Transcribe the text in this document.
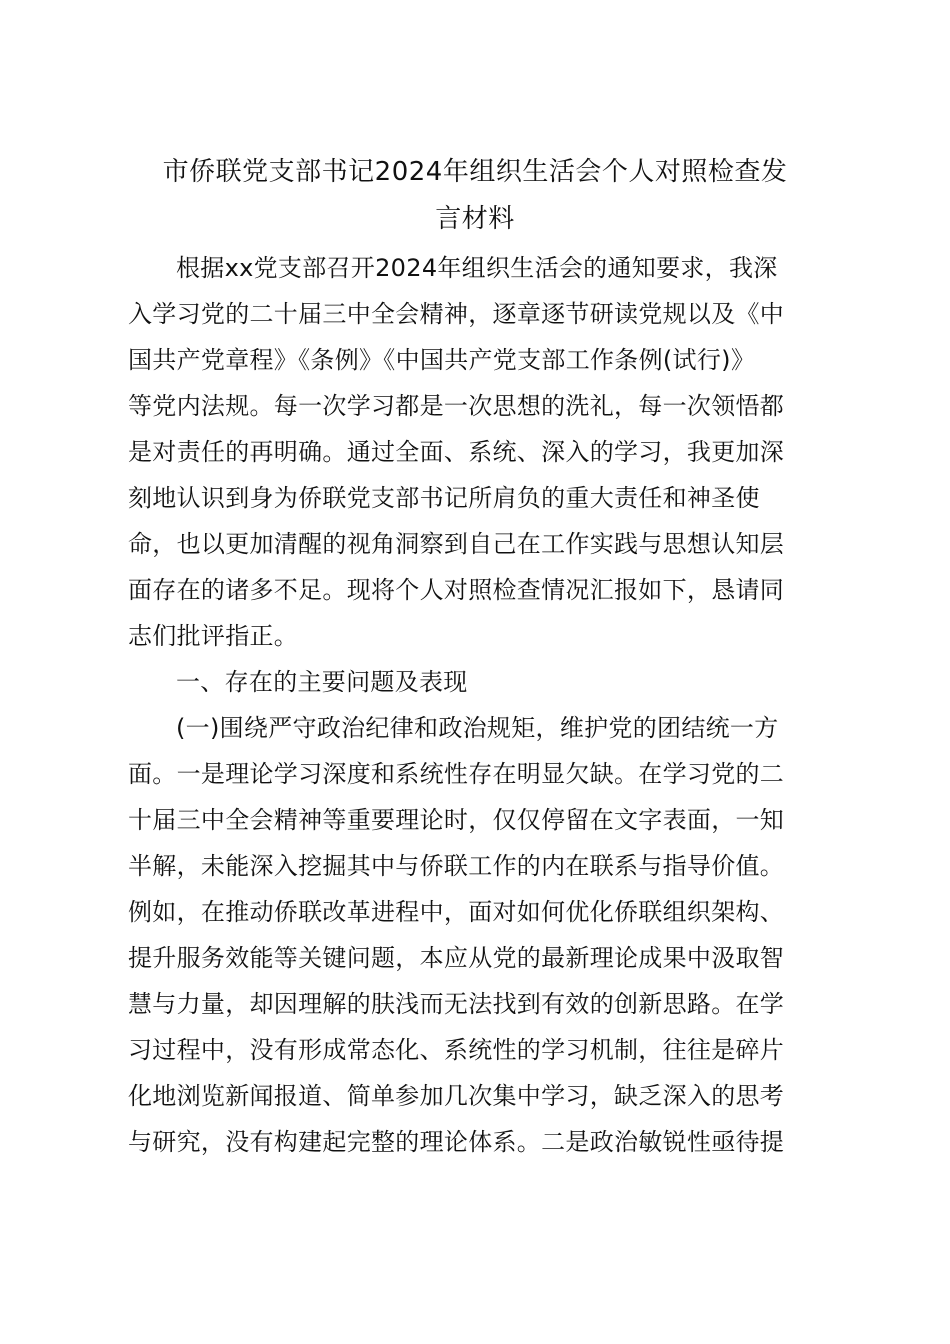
市侨联党支部书记2024年组织生活会个人对照检查发
言材料
根据xx党支部召开2024年组织生活会的通知要求，我深
入学习党的二十届三中全会精神，逐章逐节研读党规以及《中
国共产党章程》《条例》《中国共产党支部工作条例(试行)》
等党内法规。每一次学习都是一次思想的洗礼，每一次领悟都
是对责任的再明确。通过全面、系统、深入的学习，我更加深
刻地认识到身为侨联党支部书记所肩负的重大责任和神圣使
命，也以更加清醒的视角洞察到自己在工作实践与思想认知层
面存在的诸多不足。现将个人对照检查情况汇报如下，恳请同
志们批评指正。
一、存在的主要问题及表现
(一)围绕严守政治纪律和政治规矩，维护党的团结统一方
面。一是理论学习深度和系统性存在明显欠缺。在学习党的二
十届三中全会精神等重要理论时，仅仅停留在文字表面，一知
半解，未能深入挖掘其中与侨联工作的内在联系与指导价值。
例如，在推动侨联改革进程中，面对如何优化侨联组织架构、
提升服务效能等关键问题，本应从党的最新理论成果中汲取智
慧与力量，却因理解的肤浅而无法找到有效的创新思路。在学
习过程中，没有形成常态化、系统性的学习机制，往往是碎片
化地浏览新闻报道、简单参加几次集中学习，缺乏深入的思考
与研究，没有构建起完整的理论体系。二是政治敏锐性亟待提
